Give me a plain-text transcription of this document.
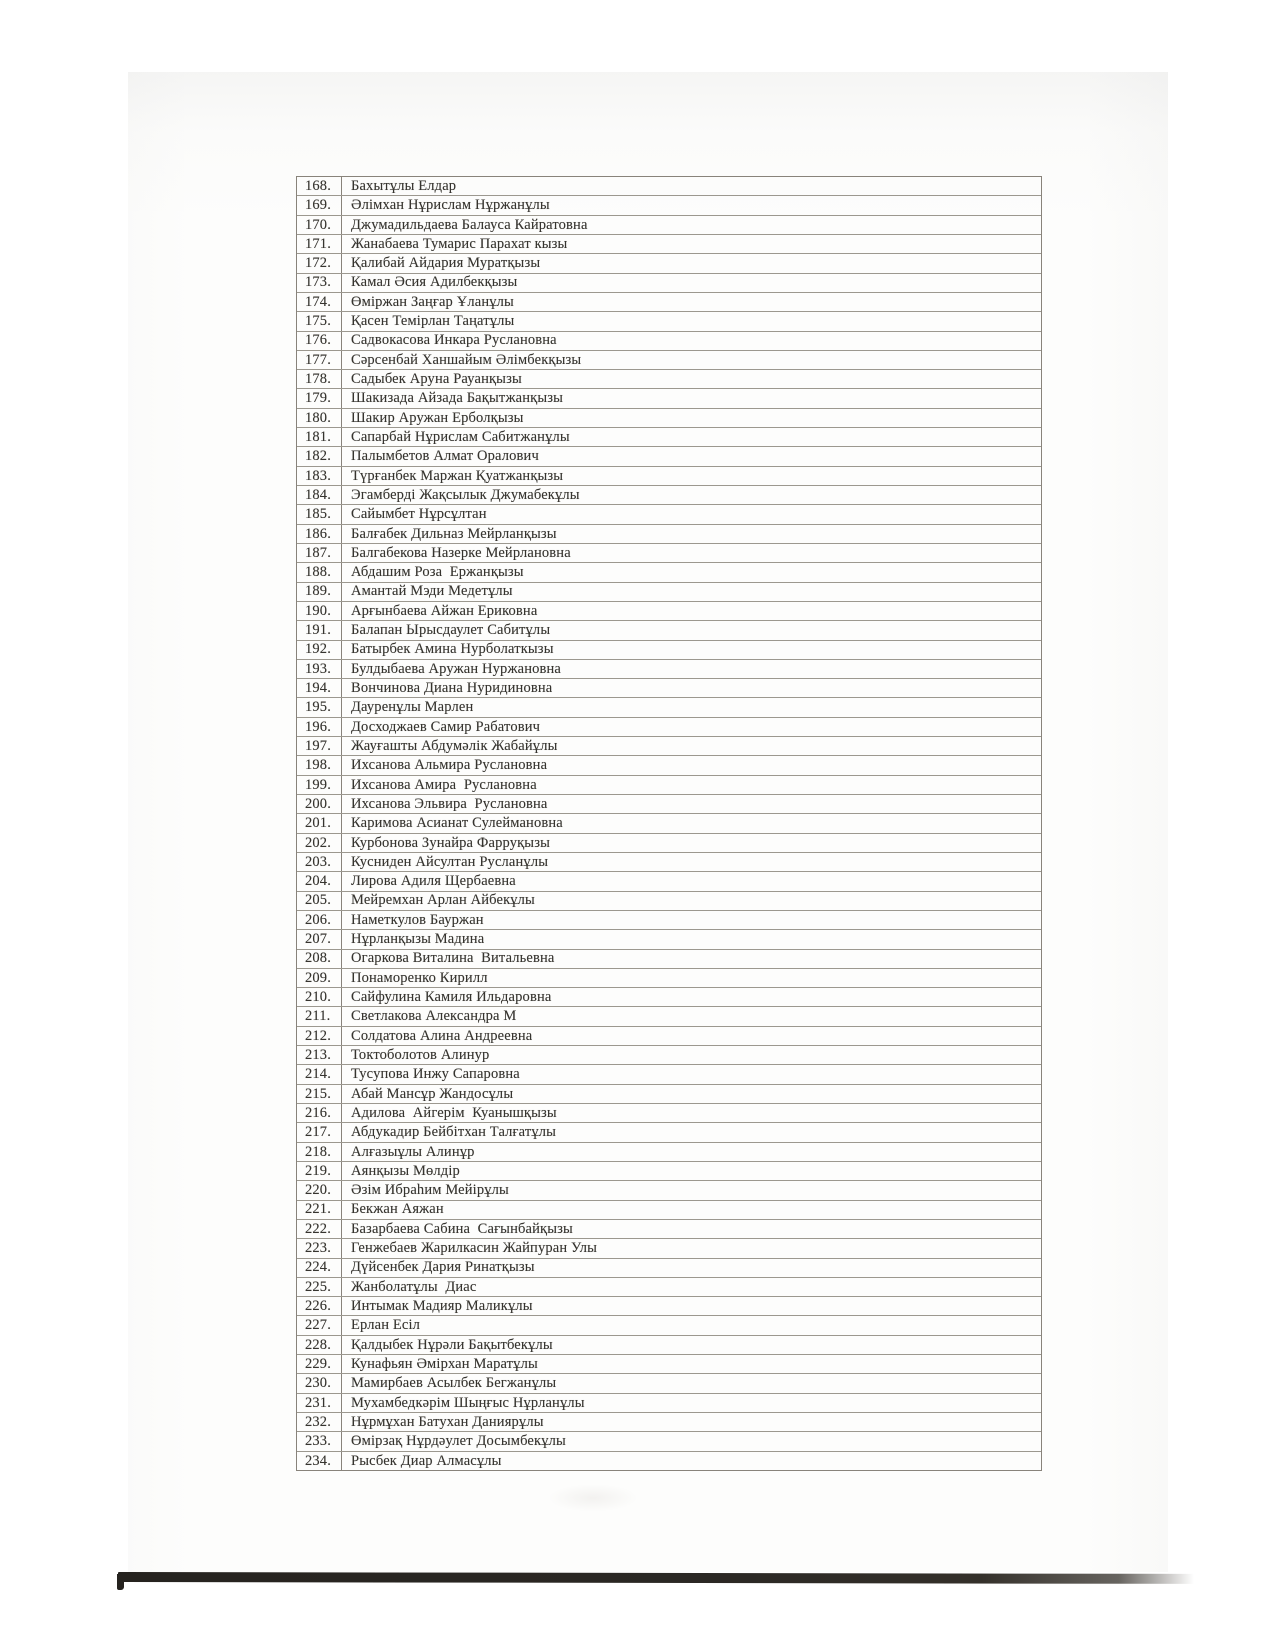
168.	Бахытұлы Елдар
169.	Әлімхан Нұрислам Нұржанұлы
170.	Джумадильдаева Балауса Кайратовна
171.	Жанабаева Тумарис Парахат кызы
172.	Қалибай Айдария Муратқызы
173.	Камал Әсия Адилбекқызы
174.	Өміржан Заңғар Ұланұлы
175.	Қасен Темірлан Таңатұлы
176.	Садвокасова Инкара Руслановна
177.	Сәрсенбай Ханшайым Әлімбекқызы
178.	Садыбек Аруна Рауанқызы
179.	Шакизада Айзада Бақытжанқызы
180.	Шакир Аружан Ерболқызы
181.	Сапарбай Нұрислам Сабитжанұлы
182.	Палымбетов Алмат Оралович
183.	Түрғанбек Маржан Қуатжанқызы
184.	Эгамберді Жақсылык Джумабекұлы
185.	Сайымбет Нұрсұлтан
186.	Балғабек Дильназ Мейрланқызы
187.	Балгабекова Назерке Мейрлановна
188.	Абдашим Роза  Ержанқызы
189.	Амантай Мэди Медетұлы
190.	Арғынбаева Айжан Ериковна
191.	Балапан Ырысдаулет Сабитұлы
192.	Батырбек Амина Нурболаткызы
193.	Булдыбаева Аружан Нуржановна
194.	Вончинова Диана Нуридиновна
195.	Дауренұлы Марлен
196.	Досходжаев Самир Рабатович
197.	Жауғашты Абдумәлік Жабайұлы
198.	Ихсанова Альмира Руслановна
199.	Ихсанова Амира  Руслановна
200.	Ихсанова Эльвира  Руслановна
201.	Каримова Асианат Сулеймановна
202.	Курбонова Зунайра Фарруқызы
203.	Кусниден Айсултан Русланұлы
204.	Лирова Адиля Щербаевна
205.	Мейремхан Арлан Айбекұлы
206.	Наметкулов Бауржан
207.	Нұрланқызы Мадина
208.	Огаркова Виталина  Витальевна
209.	Понаморенко Кирилл
210.	Сайфулина Камиля Ильдаровна
211.	Светлакова Александра М
212.	Солдатова Алина Андреевна
213.	Токтоболотов Алинур
214.	Тусупова Инжу Сапаровна
215.	Абай Мансұр Жандосұлы
216.	Адилова  Айгерім  Куанышқызы
217.	Абдукадир Бейбітхан Талғатұлы
218.	Алғазыұлы Алинұр
219.	Аянқызы Мөлдір
220.	Әзім Ибраһим Мейірұлы
221.	Бекжан Аяжан
222.	Базарбаева Сабина  Сағынбайқызы
223.	Генжебаев Жарилкасин Жайпуран Улы
224.	Дүйсенбек Дария Ринатқызы
225.	Жанболатұлы  Диас
226.	Интымак Мадияр Маликұлы
227.	Ерлан Есіл
228.	Қалдыбек Нұрәли Бақытбекұлы
229.	Кунафьян Әмірхан Маратұлы
230.	Мамирбаев Асылбек Бегжанұлы
231.	Мухамбедкәрім Шыңғыс Нұрланұлы
232.	Нұрмұхан Батухан Даниярұлы
233.	Өмірзақ Нұрдәулет Досымбекұлы
234.	Рысбек Диар Алмасұлы
